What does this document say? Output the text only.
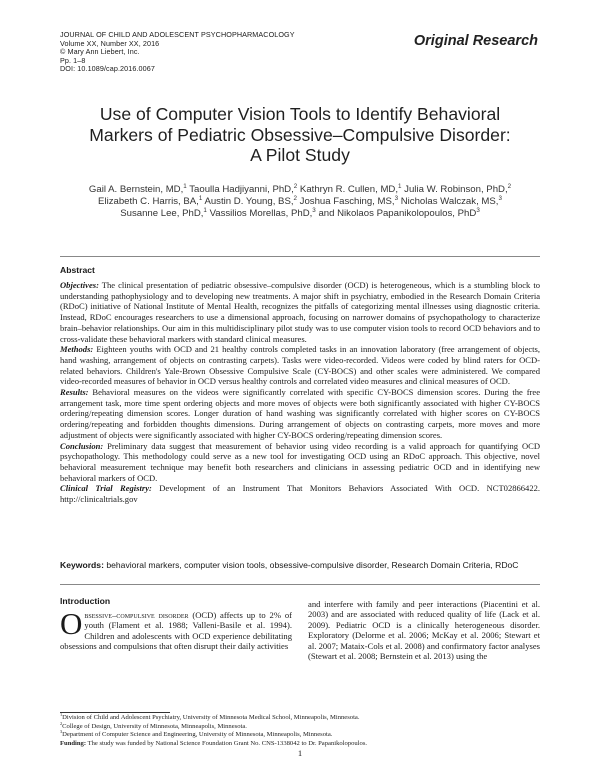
JOURNAL OF CHILD AND ADOLESCENT PSYCHOPHARMACOLOGY
Volume XX, Number XX, 2016
© Mary Ann Liebert, Inc.
Pp. 1–8
DOI: 10.1089/cap.2016.0067
Original Research
Use of Computer Vision Tools to Identify Behavioral
Markers of Pediatric Obsessive–Compulsive Disorder:
A Pilot Study
Gail A. Bernstein, MD,$^1$ Taoulla Hadjiyanni, PhD,$^2$ Kathryn R. Cullen, MD,$^1$ Julia W. Robinson, PhD,$^2$
Elizabeth C. Harris, BA,$^1$ Austin D. Young, BS,$^2$ Joshua Fasching, MS,$^3$ Nicholas Walczak, MS,$^3$
Susanne Lee, PhD,$^1$ Vassilios Morellas, PhD,$^3$ and Nikolaos Papanikolopoulos, PhD$^3$
Abstract

Objectives: The clinical presentation of pediatric obsessive–compulsive disorder (OCD) is heterogeneous, which is a stumbling block to understanding pathophysiology and to developing new treatments. A major shift in psychiatry, embodied in the Research Domain Criteria (RDoC) initiative of National Institute of Mental Health, recognizes the pitfalls of categorizing mental illnesses using diagnostic criteria. Instead, RDoC encourages researchers to use a dimensional approach, focusing on narrower domains of psychopathology to characterize brain–behavior relationships. Our aim in this multidisciplinary pilot study was to use computer vision tools to record OCD behaviors and to cross-validate these behavioral markers with standard clinical measures.

Methods: Eighteen youths with OCD and 21 healthy controls completed tasks in an innovation laboratory (free arrangement of objects, hand washing, arrangement of objects on contrasting carpets). Tasks were video-recorded. Videos were coded by blind raters for OCD-related behaviors. Children's Yale-Brown Obsessive Compulsive Scale (CY-BOCS) and other scales were administered. We compared video-recorded measures of behavior in OCD versus healthy controls and correlated video measures and clinical measures of OCD.

Results: Behavioral measures on the videos were significantly correlated with specific CY-BOCS dimension scores. During the free arrangement task, more time spent ordering objects and more moves of objects were both significantly associated with higher CY-BOCS ordering/repeating dimension scores. Longer duration of hand washing was significantly correlated with higher scores on CY-BOCS ordering/repeating and forbidden thoughts dimensions. During arrangement of objects on contrasting carpets, more moves and more adjustment of objects were significantly associated with higher CY-BOCS ordering/repeating dimension scores.

Conclusion: Preliminary data suggest that measurement of behavior using video recording is a valid approach for quantifying OCD psychopathology. This methodology could serve as a new tool for investigating OCD using an RDoC approach. This objective, novel behavioral measurement technique may benefit both researchers and clinicians in assessing pediatric OCD and in identifying new behavioral markers of OCD.

Clinical Trial Registry: Development of an Instrument That Monitors Behaviors Associated With OCD. NCT02866422. http://clinicaltrials.gov

Keywords: behavioral markers, computer vision tools, obsessive-compulsive disorder, Research Domain Criteria, RDoC
Introduction

Obsessive–compulsive disorder (OCD) affects up to 2% of youth (Flament et al. 1988; Valleni-Basile et al. 1994). Children and adolescents with OCD experience debilitating obsessions and compulsions that often disrupt their daily activities

and interfere with family and peer interactions (Piacentini et al. 2003) and are associated with reduced quality of life (Lack et al. 2009). Pediatric OCD is a clinically heterogeneous disorder. Exploratory (Delorme et al. 2006; McKay et al. 2006; Stewart et al. 2007; Mataix-Cols et al. 2008) and confirmatory factor analyses (Stewart et al. 2008; Bernstein et al. 2013) using the

$^1$Division of Child and Adolescent Psychiatry, University of Minnesota Medical School, Minneapolis, Minnesota.
$^2$College of Design, University of Minnesota, Minneapolis, Minnesota.
$^3$Department of Computer Science and Engineering, University of Minnesota, Minneapolis, Minnesota.
Funding: The study was funded by National Science Foundation Grant No. CNS-1338042 to Dr. Papanikolopoulos.
1
